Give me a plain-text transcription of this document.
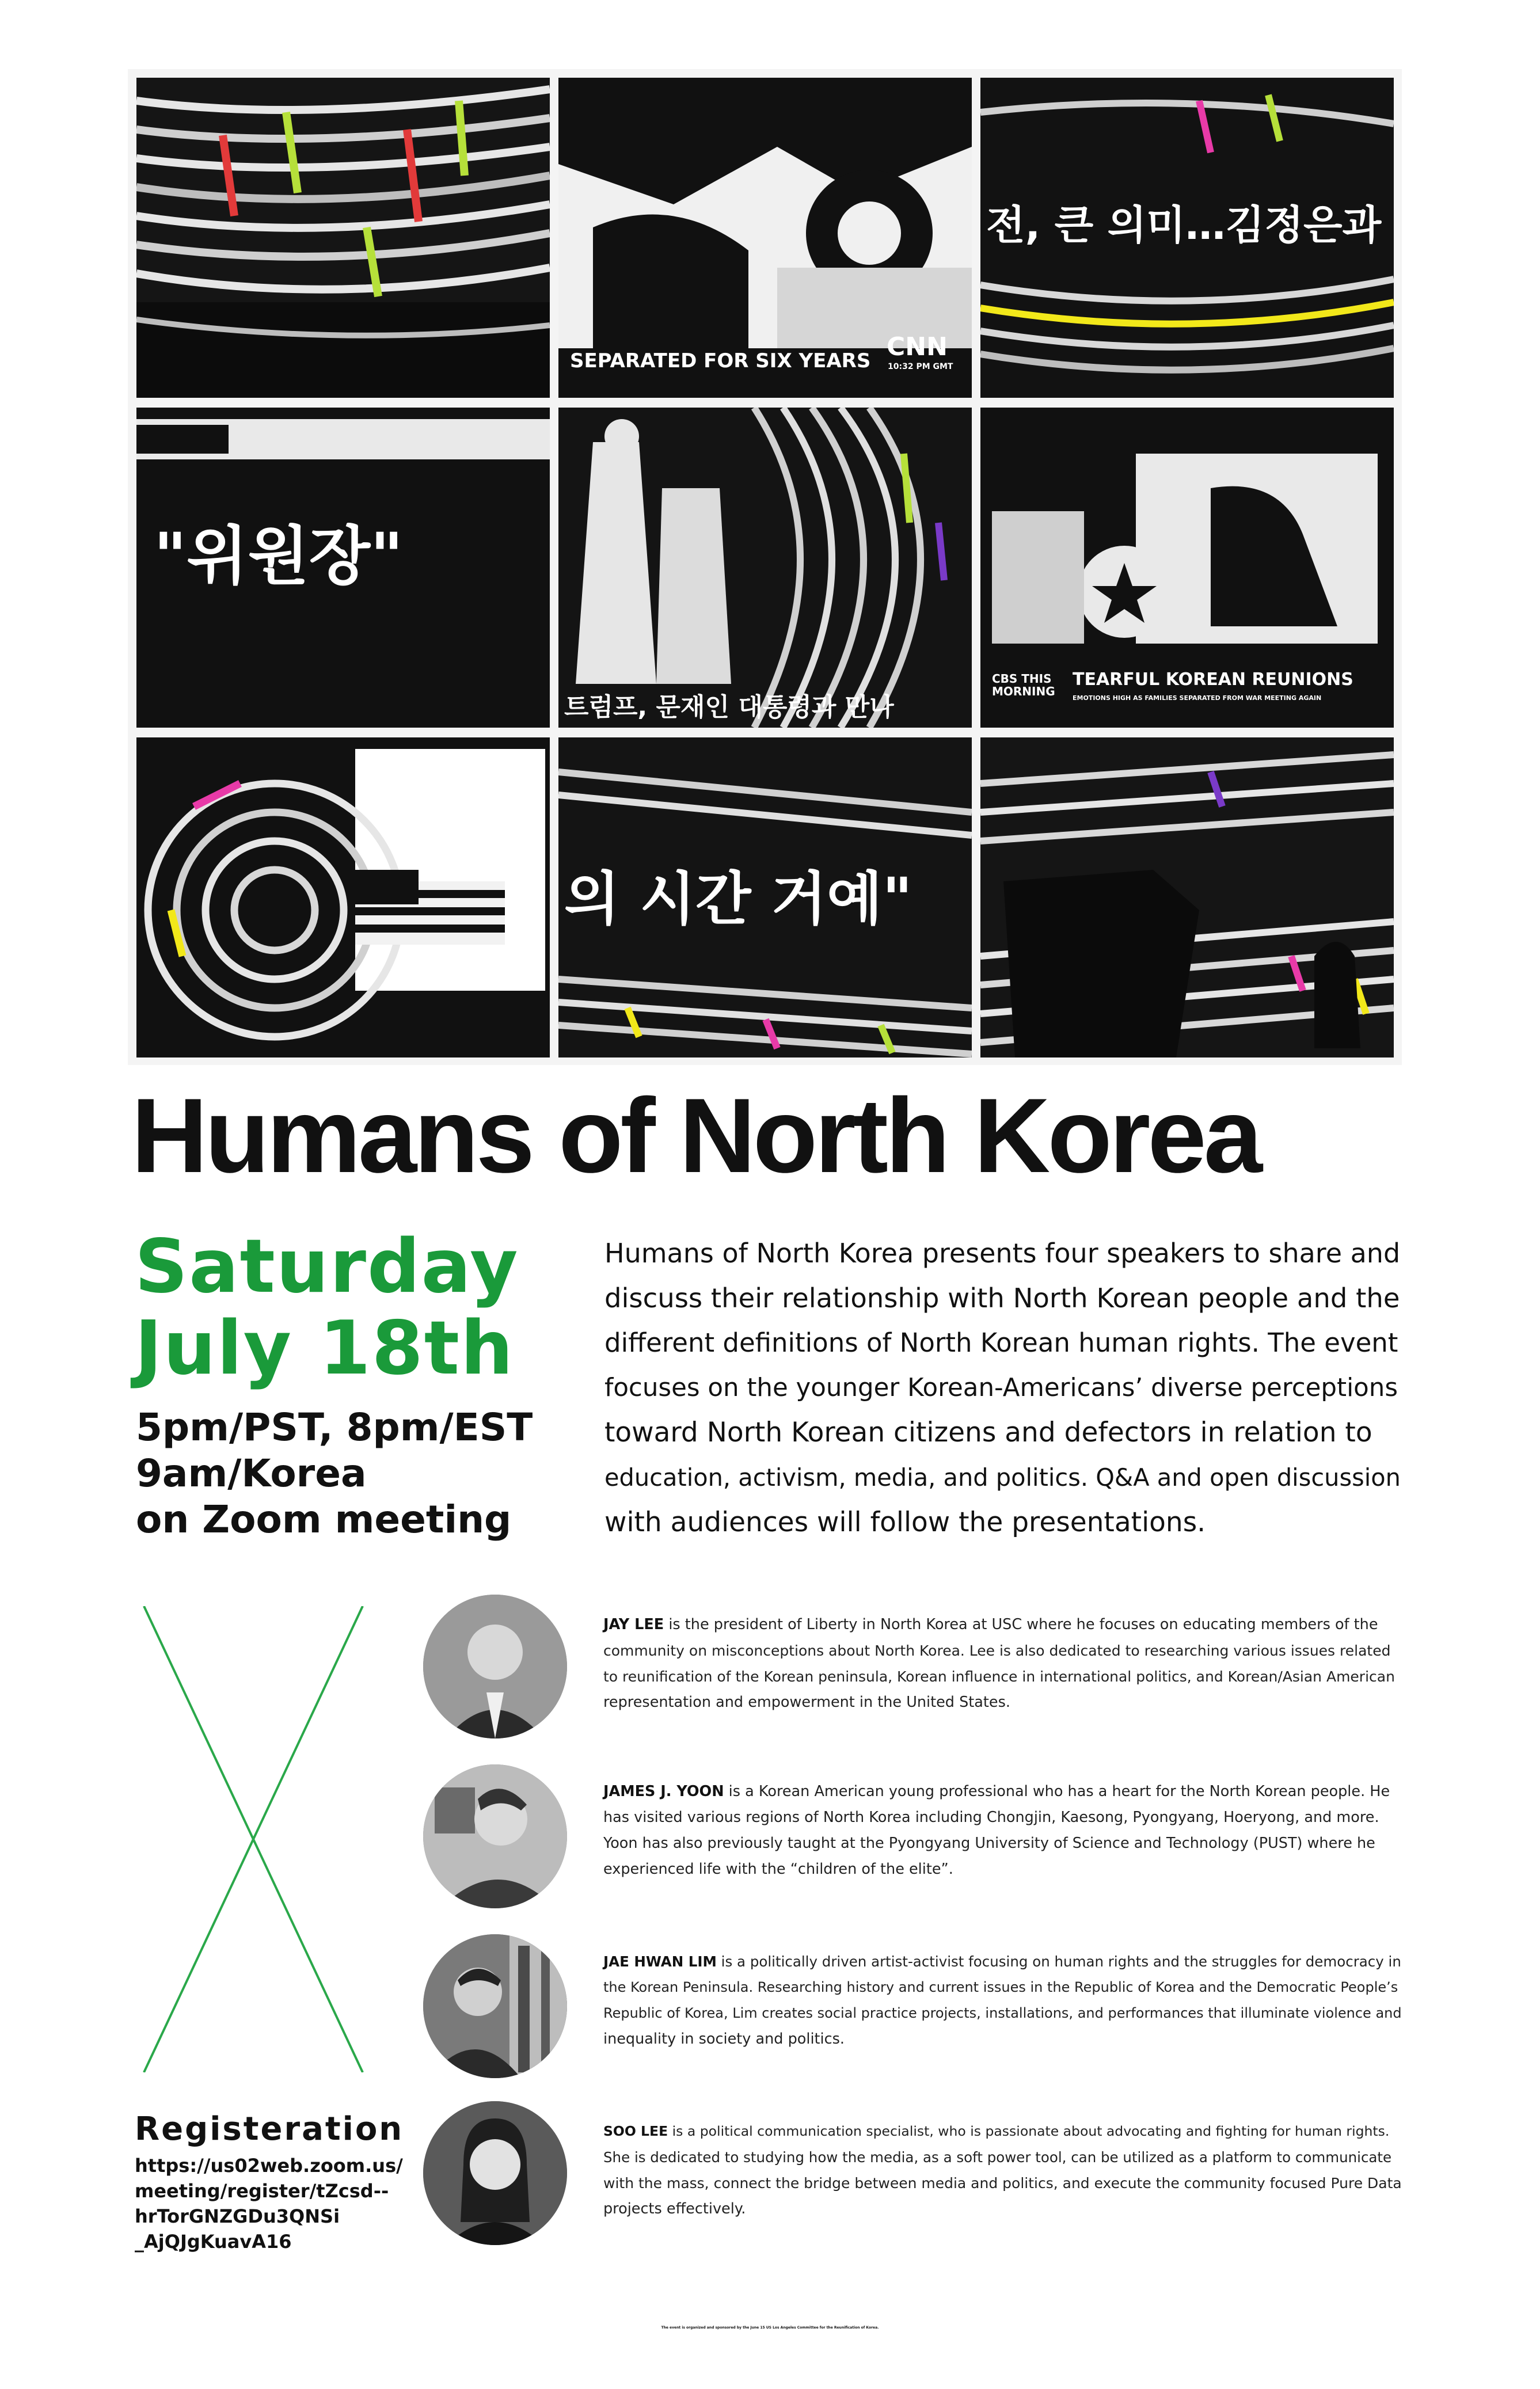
SEPARATED FOR SIX YEARS CNN
10:32 PM GMT
전, 큰 의미…김정은과
"위원장"
트럼프, 문재인 대통령과 만나
CBS THIS MORNING
TEARFUL KOREAN REUNIONS
EMOTIONS HIGH AS FAMILIES SEPARATED FROM WAR MEETING AGAIN
의 시간 거예"
Humans of North Korea
Saturday
July 18th
5pm/PST, 8pm/EST
9am/Korea
on Zoom meeting
Humans of North Korea presents four speakers to share and
discuss their relationship with North Korean people and the
different definitions of North Korean human rights. The event
focuses on the younger Korean-Americans’ diverse perceptions
toward North Korean citizens and defectors in relation to
education, activism, media, and politics. Q&A and open discussion
with audiences will follow the presentations.
JAY LEE is the president of Liberty in North Korea at USC where he focuses on educating members of the
community on misconceptions about North Korea. Lee is also dedicated to researching various issues related
to reunification of the Korean peninsula, Korean influence in international politics, and Korean/Asian American
representation and empowerment in the United States.
JAMES J. YOON is a Korean American young professional who has a heart for the North Korean people. He
has visited various regions of North Korea including Chongjin, Kaesong, Pyongyang, Hoeryong, and more.
Yoon has also previously taught at the Pyongyang University of Science and Technology (PUST) where he
experienced life with the “children of the elite”.
JAE HWAN LIM is a politically driven artist-activist focusing on human rights and the struggles for democracy in
the Korean Peninsula. Researching history and current issues in the Republic of Korea and the Democratic People’s
Republic of Korea, Lim creates social practice projects, installations, and performances that illuminate violence and
inequality in society and politics.
SOO LEE is a political communication specialist, who is passionate about advocating and fighting for human rights.
She is dedicated to studying how the media, as a soft power tool, can be utilized as a platform to communicate
with the mass, connect the bridge between media and politics, and execute the community focused Pure Data
projects effectively.
Registeration
https://us02web.zoom.us/
meeting/register/tZcsd--
hrTorGNZGDu3QNSi
_AjQJgKuavA16
The event is organized and sponsored by the June 15 US Los Angeles Committee for the Reunification of Korea.
